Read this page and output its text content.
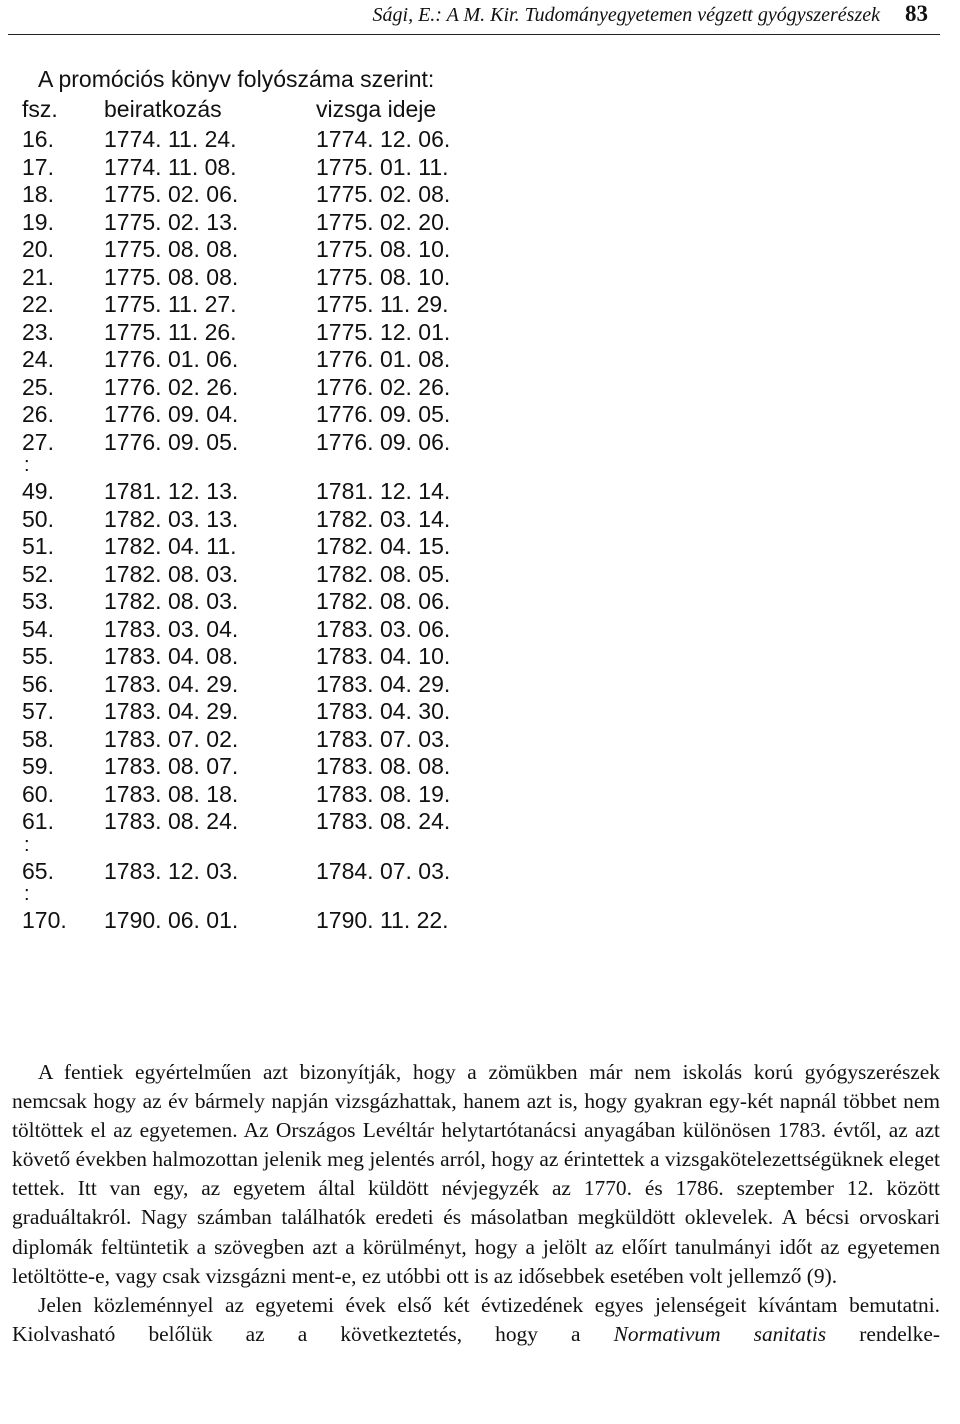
Sági, E.: A M. Kir. Tudományegyetemen végzett gyógyszerészek 83
A promóciós könyv folyószáma szerint:
fsz. beiratkozás	vizsga ideje
16. 1774. 11. 24.	1774. 12. 06.
17. 1774. 11. 08.	1775. 01. 11.
18. 1775. 02. 06.	1775. 02. 08.
19. 1775. 02. 13.	1775. 02. 20.
20. 1775. 08. 08.	1775. 08. 10.
21. 1775. 08. 08.	1775. 08. 10.
22. 1775. 11. 27.	1775. 11. 29.
23. 1775. 11. 26.	1775. 12. 01.
24. 1776. 01. 06.	1776. 01. 08.
25. 1776. 02. 26.	1776. 02. 26.
26. 1776. 09. 04.	1776. 09. 05.
27. 1776. 09. 05.	1776. 09. 06.
:
49. 1781. 12. 13.	1781. 12. 14.
50. 1782. 03. 13.	1782. 03. 14.
51. 1782. 04. 11.	1782. 04. 15.
52. 1782. 08. 03.	1782. 08. 05.
53. 1782. 08. 03.	1782. 08. 06.
54. 1783. 03. 04.	1783. 03. 06.
55. 1783. 04. 08.	1783. 04. 10.
56. 1783. 04. 29.	1783. 04. 29.
57. 1783. 04. 29.	1783. 04. 30.
58. 1783. 07. 02.	1783. 07. 03.
59. 1783. 08. 07.	1783. 08. 08.
60. 1783. 08. 18.	1783. 08. 19.
61. 1783. 08. 24.	1783. 08. 24.
:
65. 1783. 12. 03.	1784. 07. 03.
:
170. 1790. 06. 01.	1790. 11. 22.

A fentiek egyértelműen azt bizonyítják, hogy a zömükben már nem iskolás korú gyógyszerészek nemcsak hogy az év bármely napján vizsgázhattak, hanem azt is, hogy gyakran egy-két napnál többet nem töltöttek el az egyetemen. Az Országos Levéltár helytartótanácsi anyagában különösen 1783. évtől, az azt követő években halmozottan jelenik meg jelentés arról, hogy az érintettek a vizsgakötelezettségüknek eleget tettek. Itt van egy, az egyetem által küldött névjegyzék az 1770. és 1786. szeptember 12. között graduáltakról. Nagy számban találhatók eredeti és másolatban megküldött oklevelek. A bécsi orvoskari diplomák feltüntetik a szövegben azt a körülményt, hogy a jelölt az előírt tanulmányi időt az egyetemen letöltötte-e, vagy csak vizsgázni ment-e, ez utóbbi ott is az idősebbek esetében volt jellemző (9).

Jelen közleménnyel az egyetemi évek első két évtizedének egyes jelenségeit kívántam bemutatni. Kiolvasható belőlük az a következtetés, hogy a Normativum sanitatis rendelke-
